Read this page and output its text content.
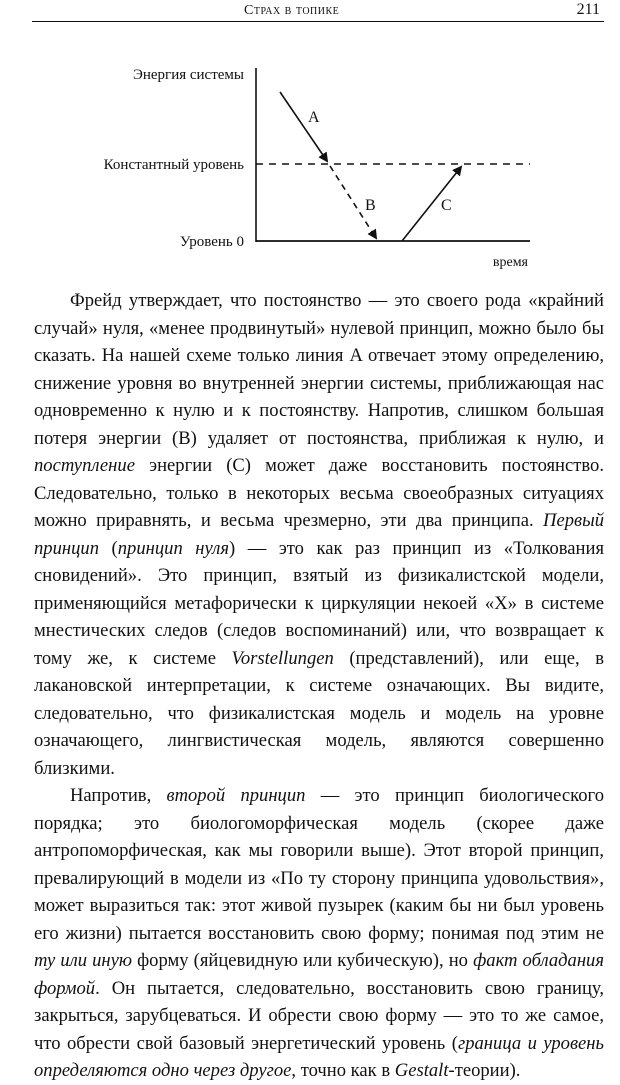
Страх в топике	211
Энергия системы
Константный уровень
Уровень 0
время
A
B	C

Фрейд утверждает, что постоянство — это своего рода «крайний случай» нуля, «менее продвинутый» нулевой принцип, можно было бы сказать. На нашей схеме только линия A отвечает этому определению, снижение уровня во внутренней энергии системы, приближающая нас одновременно к нулю и к постоянству. Напротив, слишком большая потеря энергии (B) удаляет от постоянства, приближая к нулю, и поступление энергии (C) может даже восстановить постоянство. Следовательно, только в некоторых весьма своеобразных ситуациях можно приравнять, и весьма чрезмерно, эти два принципа. Первый принцип (принцип нуля) — это как раз принцип из «Толкования сновидений». Это принцип, взятый из физикалистской модели, применяющийся метафорически к циркуляции некоей «X» в системе мнестических следов (следов воспоминаний) или, что возвращает к тому же, к системе Vorstellungen (представлений), или еще, в лакановской интерпретации, к системе означающих. Вы видите, следовательно, что физикалистская модель и модель на уровне означающего, лингвистическая модель, являются совершенно близкими.

Напротив, второй принцип — это принцип биологического порядка; это биологоморфическая модель (скорее даже антропоморфическая, как мы говорили выше). Этот второй принцип, превалирующий в модели из «По ту сторону принципа удовольствия», может выразиться так: этот живой пузырек (каким бы ни был уровень его жизни) пытается восстановить свою форму; понимая под этим не ту или иную форму (яйцевидную или кубическую), но факт обладания формой. Он пытается, следовательно, восстановить свою границу, закрыться, зарубцеваться. И обрести свою форму — это то же самое, что обрести свой базовый энергетический уровень (граница и уровень определяются одно через другое, точно как в Gestalt-теории).
